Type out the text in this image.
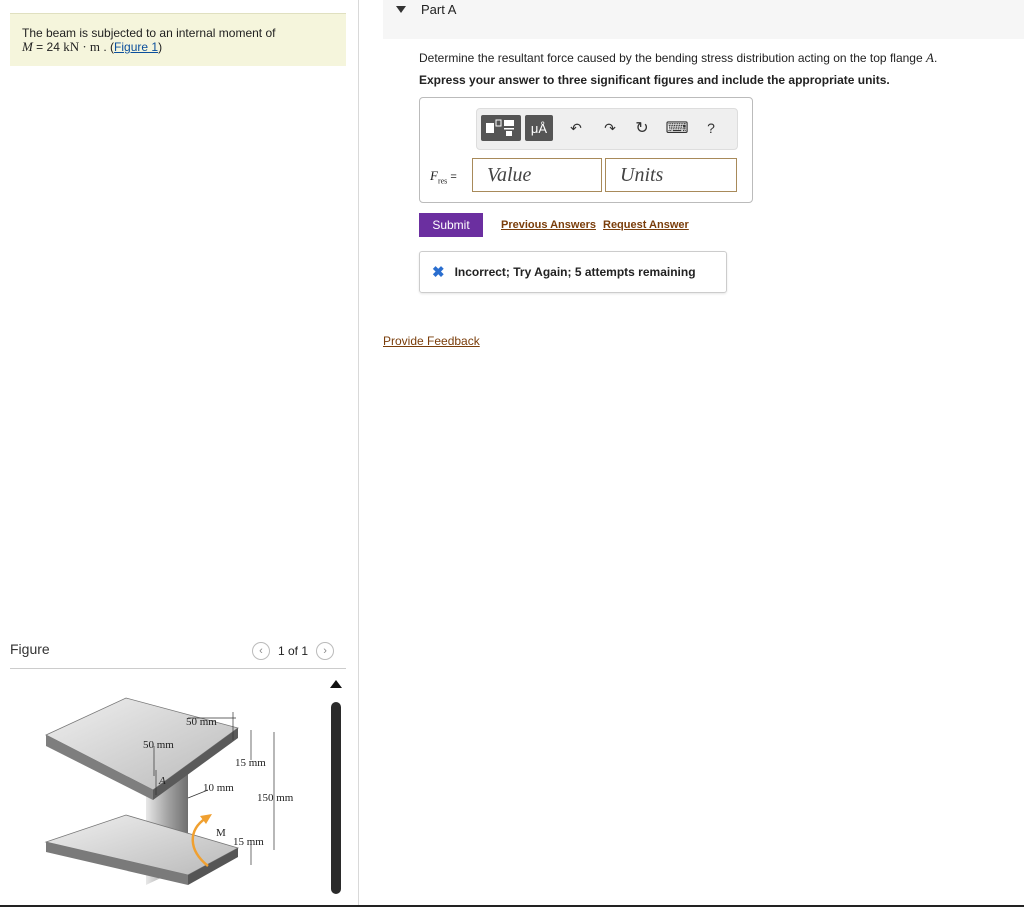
The beam is subjected to an internal moment of
M = 24 kN · m . (Figure 1)
Figure	‹	1 of 1	›
50 mm
50 mm
15 mm
10 mm
150 mm
15 mm
A
M
Part A
Determine the resultant force caused by the bending stress distribution acting on the top flange A.
Express your answer to three significant figures and include the appropriate units.
μÅ	↶	↷	↻ ⌨	?
$F_{res}$ =
Value
Units
Submit	Previous Answers Request Answer
✖ Incorrect; Try Again; 5 attempts remaining
Provide Feedback
